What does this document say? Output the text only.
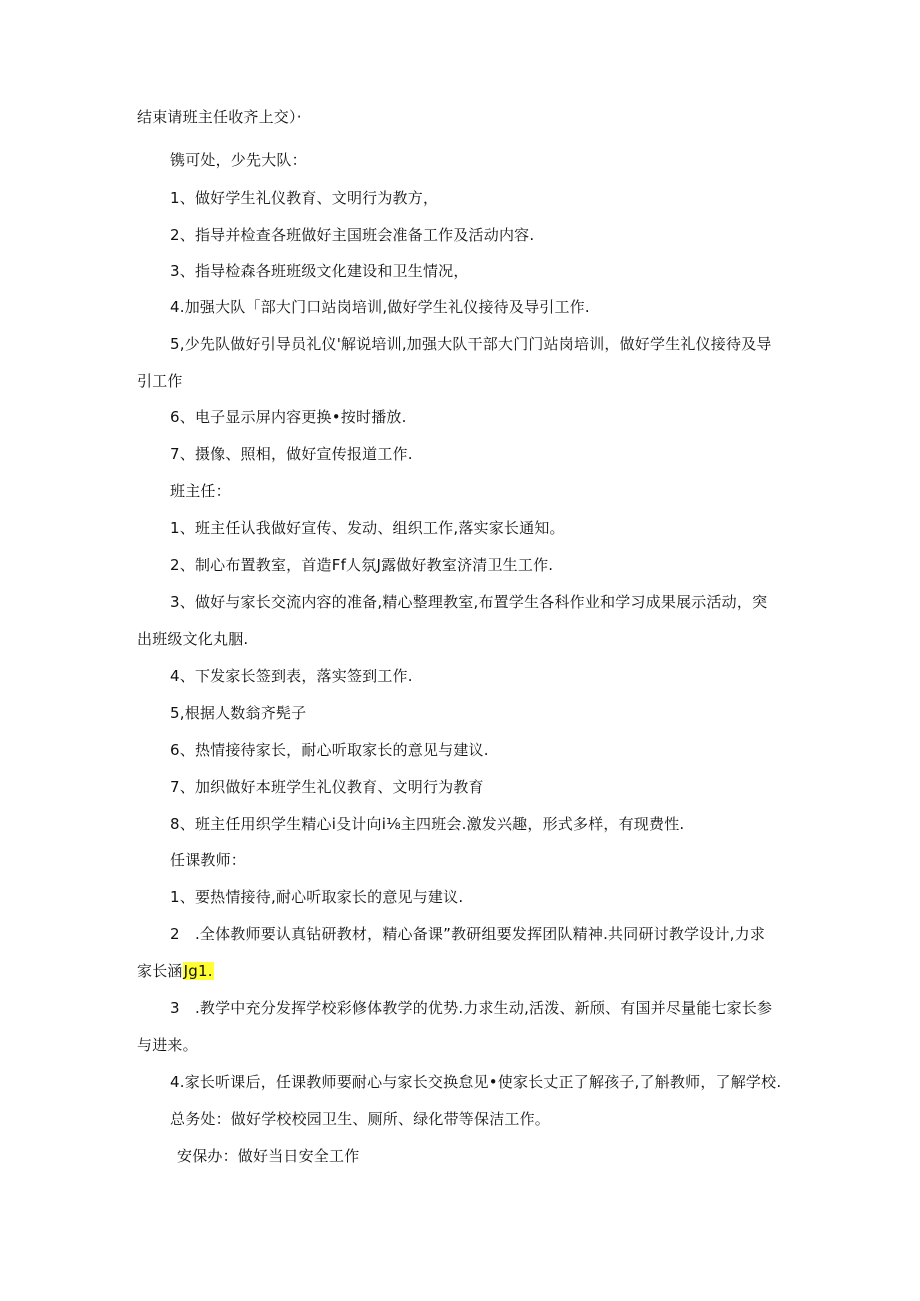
结束请班主任收齐上交）·
镌可处，少先大队：
1、做好学生礼仪教育、文明行为教方，
2、指导并检查各班做好主国班会准备工作及活动内容.
3、指导检森各班班级文化建设和卫生情况，
4.加强大队「部大门口站岗培训,做好学生礼仪接待及导引工作.
5,少先队做好引导员礼仪'解说培训,加强大队干部大门门站岗培训，做好学生礼仪接待及导
引工作
6、电子显示屏内容更换•按时播放.
7、摄像、照相，做好宣传报道工作.
班主任：
1、班主任认我做好宣传、发动、组织工作,落实家长通知。
2、制心布置教室，首造Ff人氛J露做好教室济清卫生工作.
3、做好与家长交流内容的准备,精心整理教室,布置学生各科作业和学习成果展示活动，突
出班级文化丸胭.
4、下发家长签到表，落实签到工作.
5,根据人数翁齐髡子
6、热情接待家长，耐心听取家长的意见与建议.
7、加织做好本班学生礼仪教育、文明行为教育
8、班主任用织学生精心i殳计向i⅛主四班会.激发兴趣，形式多样，有现费性.
任课教师：
1、要热情接待,耐心听取家长的意见与建议.
2　.全体教师要认真钻研教材，精心备课”教研组要发挥团队精神.共同研讨教学设计,力求
家长涵Jg1.
3　.教学中充分发挥学校彩修体教学的优势.力求生动,活泼、新颀、有国并尽量能七家长参
与进来。
4.家长听课后，任课教师要耐心与家长交换怠见•使家长丈正了解孩子,了斛教师，了解学校.
总务处：做好学校校园卫生、厕所、绿化带等保洁工作。
安保办：做好当日安全工作
